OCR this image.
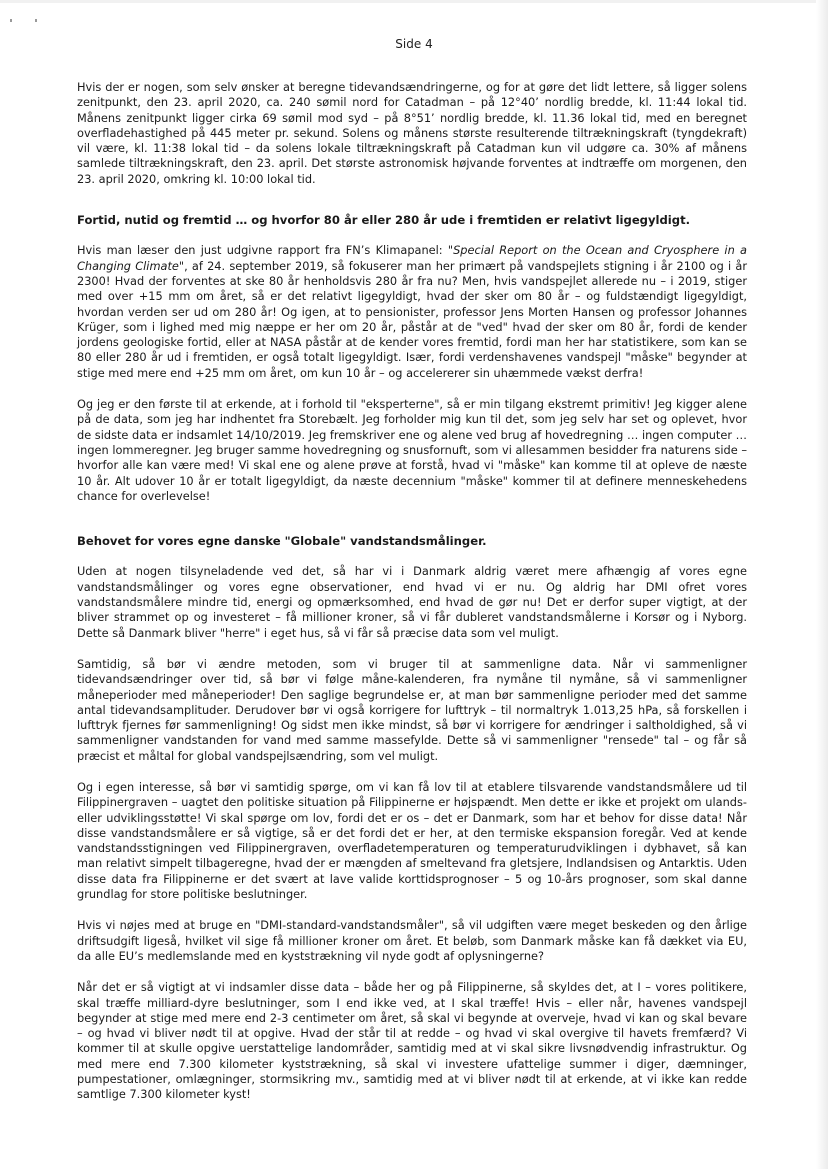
Side 4

Hvis der er nogen, som selv ønsker at beregne tidevandsændringerne, og for at gøre det lidt lettere, så ligger solens zenitpunkt, den 23. april 2020, ca. 240 sømil nord for Catadman – på 12°40’ nordlig bredde, kl. 11:44 lokal tid. Månens zenitpunkt ligger cirka 69 sømil mod syd – på 8°51’ nordlig bredde, kl. 11.36 lokal tid, med en beregnet overfladehastighed på 445 meter pr. sekund. Solens og månens største resulterende tiltrækningskraft (tyngdekraft) vil være, kl. 11:38 lokal tid – da solens lokale tiltrækningskraft på Catadman kun vil udgøre ca. 30% af månens samlede tiltrækningskraft, den 23. april. Det største astronomisk højvande forventes at indtræffe om morgenen, den 23. april 2020, omkring kl. 10:00 lokal tid.

Fortid, nutid og fremtid … og hvorfor 80 år eller 280 år ude i fremtiden er relativt ligegyldigt.

Hvis man læser den just udgivne rapport fra FN’s Klimapanel: "Special Report on the Ocean and Cryosphere in a Changing Climate", af 24. september 2019, så fokuserer man her primært på vandspejlets stigning i år 2100 og i år 2300! Hvad der forventes at ske 80 år henholdsvis 280 år fra nu? Men, hvis vandspejlet allerede nu – i 2019, stiger med over +15 mm om året, så er det relativt ligegyldigt, hvad der sker om 80 år – og fuldstændigt ligegyldigt, hvordan verden ser ud om 280 år! Og igen, at to pensionister, professor Jens Morten Hansen og professor Johannes Krüger, som i lighed med mig næppe er her om 20 år, påstår at de "ved" hvad der sker om 80 år, fordi de kender jordens geologiske fortid, eller at NASA påstår at de kender vores fremtid, fordi man her har statistikere, som kan se 80 eller 280 år ud i fremtiden, er også totalt ligegyldigt. Især, fordi verdenshavenes vandspejl "måske" begynder at stige med mere end +25 mm om året, om kun 10 år – og accelererer sin uhæmmede vækst derfra!

Og jeg er den første til at erkende, at i forhold til "eksperterne", så er min tilgang ekstremt primitiv! Jeg kigger alene på de data, som jeg har indhentet fra Storebælt. Jeg forholder mig kun til det, som jeg selv har set og oplevet, hvor de sidste data er indsamlet 14/10/2019. Jeg fremskriver ene og alene ved brug af hovedregning … ingen computer … ingen lommeregner. Jeg bruger samme hovedregning og snusfornuft, som vi allesammen besidder fra naturens side – hvorfor alle kan være med! Vi skal ene og alene prøve at forstå, hvad vi "måske" kan komme til at opleve de næste 10 år. Alt udover 10 år er totalt ligegyldigt, da næste decennium "måske" kommer til at definere menneskehedens chance for overlevelse!

Behovet for vores egne danske "Globale" vandstandsmålinger.

Uden at nogen tilsyneladende ved det, så har vi i Danmark aldrig været mere afhængig af vores egne vandstandsmålinger og vores egne observationer, end hvad vi er nu. Og aldrig har DMI ofret vores vandstandsmålere mindre tid, energi og opmærksomhed, end hvad de gør nu! Det er derfor super vigtigt, at der bliver strammet op og investeret – få millioner kroner, så vi får dubleret vandstandsmålerne i Korsør og i Nyborg. Dette så Danmark bliver "herre" i eget hus, så vi får så præcise data som vel muligt.

Samtidig, så bør vi ændre metoden, som vi bruger til at sammenligne data. Når vi sammenligner tidevandsændringer over tid, så bør vi følge måne-kalenderen, fra nymåne til nymåne, så vi sammenligner måneperioder med måneperioder! Den saglige begrundelse er, at man bør sammenligne perioder med det samme antal tidevandsamplituder. Derudover bør vi også korrigere for lufttryk – til normaltryk 1.013,25 hPa, så forskellen i lufttryk fjernes før sammenligning! Og sidst men ikke mindst, så bør vi korrigere for ændringer i saltholdighed, så vi sammenligner vandstanden for vand med samme massefylde. Dette så vi sammenligner "rensede" tal – og får så præcist et måltal for global vandspejlsændring, som vel muligt.

Og i egen interesse, så bør vi samtidig spørge, om vi kan få lov til at etablere tilsvarende vandstandsmålere ud til Filippinergraven – uagtet den politiske situation på Filippinerne er højspændt. Men dette er ikke et projekt om ulands- eller udviklingsstøtte! Vi skal spørge om lov, fordi det er os – det er Danmark, som har et behov for disse data! Når disse vandstandsmålere er så vigtige, så er det fordi det er her, at den termiske ekspansion foregår. Ved at kende vandstandsstigningen ved Filippinergraven, overfladetemperaturen og temperaturudviklingen i dybhavet, så kan man relativt simpelt tilbageregne, hvad der er mængden af smeltevand fra gletsjere, Indlandsisen og Antarktis. Uden disse data fra Filippinerne er det svært at lave valide korttidsprognoser – 5 og 10-års prognoser, som skal danne grundlag for store politiske beslutninger.

Hvis vi nøjes med at bruge en "DMI-standard-vandstandsmåler", så vil udgiften være meget beskeden og den årlige driftsudgift ligeså, hvilket vil sige få millioner kroner om året. Et beløb, som Danmark måske kan få dækket via EU, da alle EU’s medlemslande med en kyststrækning vil nyde godt af oplysningerne?

Når det er så vigtigt at vi indsamler disse data – både her og på Filippinerne, så skyldes det, at I – vores politikere, skal træffe milliard-dyre beslutninger, som I end ikke ved, at I skal træffe! Hvis – eller når, havenes vandspejl begynder at stige med mere end 2-3 centimeter om året, så skal vi begynde at overveje, hvad vi kan og skal bevare – og hvad vi bliver nødt til at opgive. Hvad der står til at redde – og hvad vi skal overgive til havets fremfærd? Vi kommer til at skulle opgive uerstattelige landområder, samtidig med at vi skal sikre livsnødvendig infrastruktur. Og med mere end 7.300 kilometer kyststrækning, så skal vi investere ufattelige summer i diger, dæmninger, pumpestationer, omlægninger, stormsikring mv., samtidig med at vi bliver nødt til at erkende, at vi ikke kan redde samtlige 7.300 kilometer kyst!
